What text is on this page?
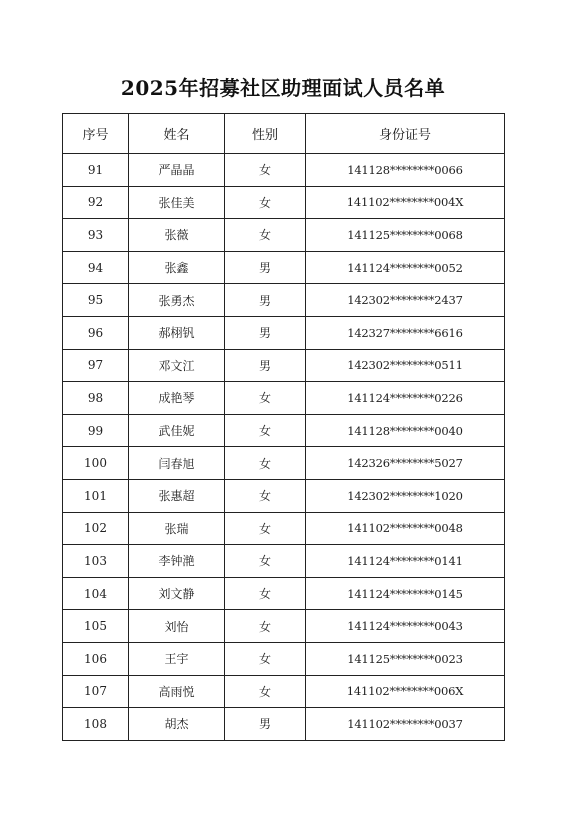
2025年招募社区助理面试人员名单
序号	姓名	性别	身份证号
91	严晶晶	女	141128********0066
92	张佳美	女	141102********004X
93	张薇	女	141125********0068
94	张鑫	男	141124********0052
95	张勇杰	男	142302********2437
96	郝栩钒	男	142327********6616
97	邓文江	男	142302********0511
98	成艳琴	女	141124********0226
99	武佳妮	女	141128********0040
100	闫春旭	女	142326********5027
101	张惠超	女	142302********1020
102	张瑞	女	141102********0048
103	李钟滟	女	141124********0141
104	刘文静	女	141124********0145
105	刘怡	女	141124********0043
106	王宇	女	141125********0023
107	高雨悦	女	141102********006X
108	胡杰	男	141102********0037
